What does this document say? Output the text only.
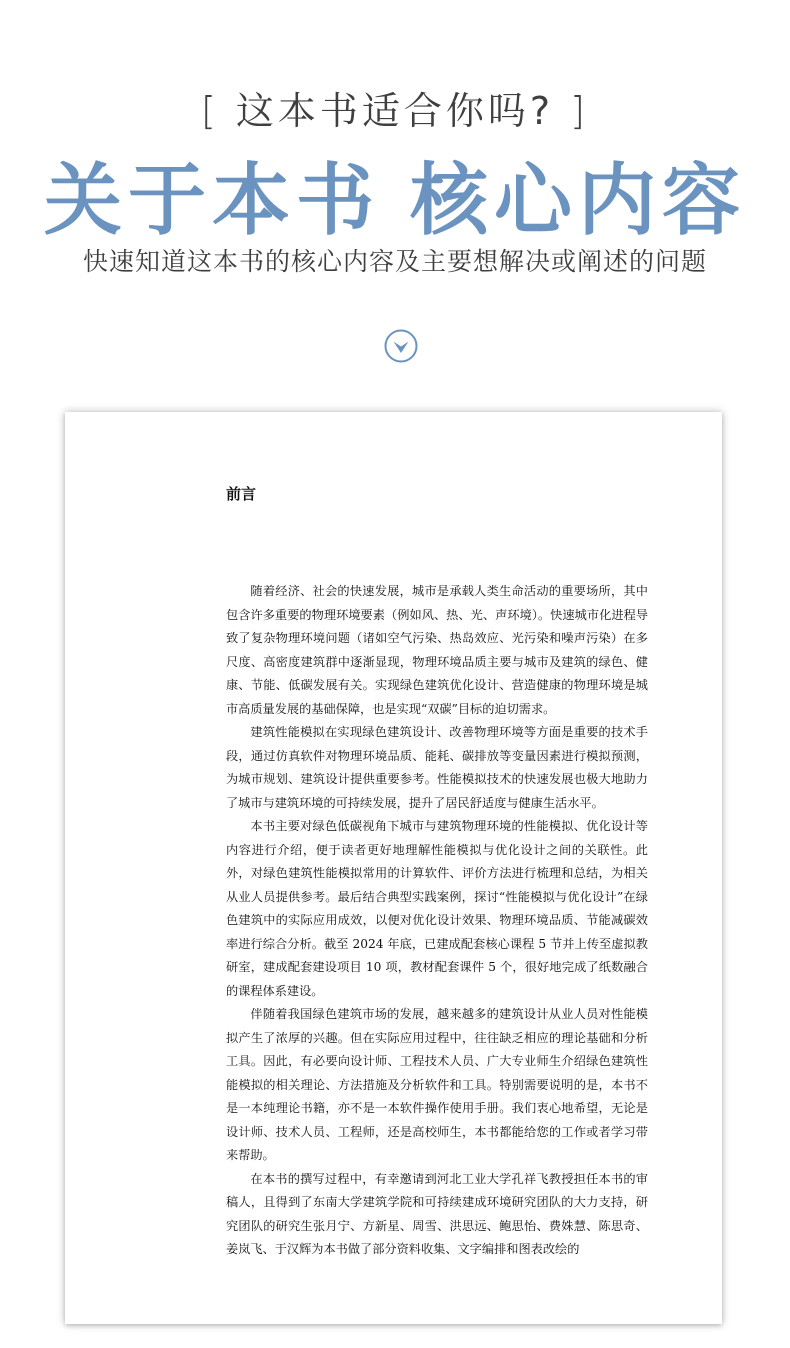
[ 这本书适合你吗? ]
关于本书 核心内容
快速知道这本书的核心内容及主要想解决或阐述的问题
前言

随着经济、社会的快速发展，城市是承载人类生命活动的重要场所，其中包含许多重要的物理环境要素（例如风、热、光、声环境）。快速城市化进程导致了复杂物理环境问题（诸如空气污染、热岛效应、光污染和噪声污染）在多尺度、高密度建筑群中逐渐显现，物理环境品质主要与城市及建筑的绿色、健康、节能、低碳发展有关。实现绿色建筑优化设计、营造健康的物理环境是城市高质量发展的基础保障，也是实现“双碳”目标的迫切需求。

建筑性能模拟在实现绿色建筑设计、改善物理环境等方面是重要的技术手段，通过仿真软件对物理环境品质、能耗、碳排放等变量因素进行模拟预测，为城市规划、建筑设计提供重要参考。性能模拟技术的快速发展也极大地助力了城市与建筑环境的可持续发展，提升了居民舒适度与健康生活水平。

本书主要对绿色低碳视角下城市与建筑物理环境的性能模拟、优化设计等内容进行介绍，便于读者更好地理解性能模拟与优化设计之间的关联性。此外，对绿色建筑性能模拟常用的计算软件、评价方法进行梳理和总结，为相关从业人员提供参考。最后结合典型实践案例，探讨“性能模拟与优化设计”在绿色建筑中的实际应用成效，以便对优化设计效果、物理环境品质、节能减碳效率进行综合分析。截至 2024 年底，已建成配套核心课程 5 节并上传至虚拟教研室，建成配套建设项目 10 项，教材配套课件 5 个，很好地完成了纸数融合的课程体系建设。

伴随着我国绿色建筑市场的发展，越来越多的建筑设计从业人员对性能模拟产生了浓厚的兴趣。但在实际应用过程中，往往缺乏相应的理论基础和分析工具。因此，有必要向设计师、工程技术人员、广大专业师生介绍绿色建筑性能模拟的相关理论、方法措施及分析软件和工具。特别需要说明的是，本书不是一本纯理论书籍，亦不是一本软件操作使用手册。我们衷心地希望，无论是设计师、技术人员、工程师，还是高校师生，本书都能给您的工作或者学习带来帮助。

在本书的撰写过程中，有幸邀请到河北工业大学孔祥飞教授担任本书的审稿人，且得到了东南大学建筑学院和可持续建成环境研究团队的大力支持，研究团队的研究生张月宁、方新星、周雪、洪思远、鲍思怡、费姝慧、陈思奇、姜岚飞、于汉辉为本书做了部分资料收集、文字编排和图表改绘的
